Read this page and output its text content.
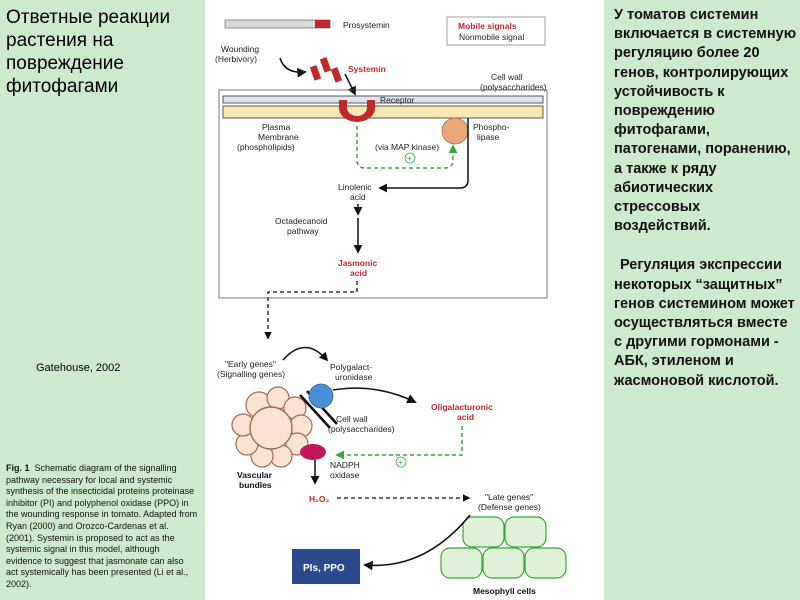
Ответные реакции растения на повреждение фитофагами
Gatehouse, 2002
Fig. 1 Schematic diagram of the signalling pathway necessary for local and systemic synthesis of the insecticidal proteins proteinase inhibitor (PI) and polyphenol oxidase (PPO) in the wounding response in tomato. Adapted from Ryan (2000) and Orozco-Cardenas et al. (2001). Systemin is proposed to act as the systemic signal in this model, although evidence to suggest that jasmonate can also act systemically has been presented (Li et al., 2002).

У томатов системин включается в системную регуляцию более 20 генов, контролирующих устойчивость к повреждению фитофагами, патогенами, поранению, а также к ряду абиотических стрессовых воздействий.

Регуляция экспрессии некоторых “защитных” генов системином может осуществляться вместе с другими гормонами - АБК, этиленом и жасмоновой кислотой.

Prosystemin	Mobile signals
Nonmobile signal
Wounding
(Herbivory)
Systemin
Cell wall
(polysaccharides)
Receptor
Plasma
Membrane
(phospholipids)
Phospho-
lipase
(via MAP kinase)
+
Linolenic
acid
Octadecanoid
pathway
Jasmonic
acid
"Early genes"
(Signalling genes)
Polygalact-
uronidase
Vascular
bundles
Cell wall
(polysaccharides)
Oligalacturonic
acid
+
NADPH
oxidase
H₂O₂	"Late genes"
(Defense genes)
Mesophyll cells
PIs, PPO
